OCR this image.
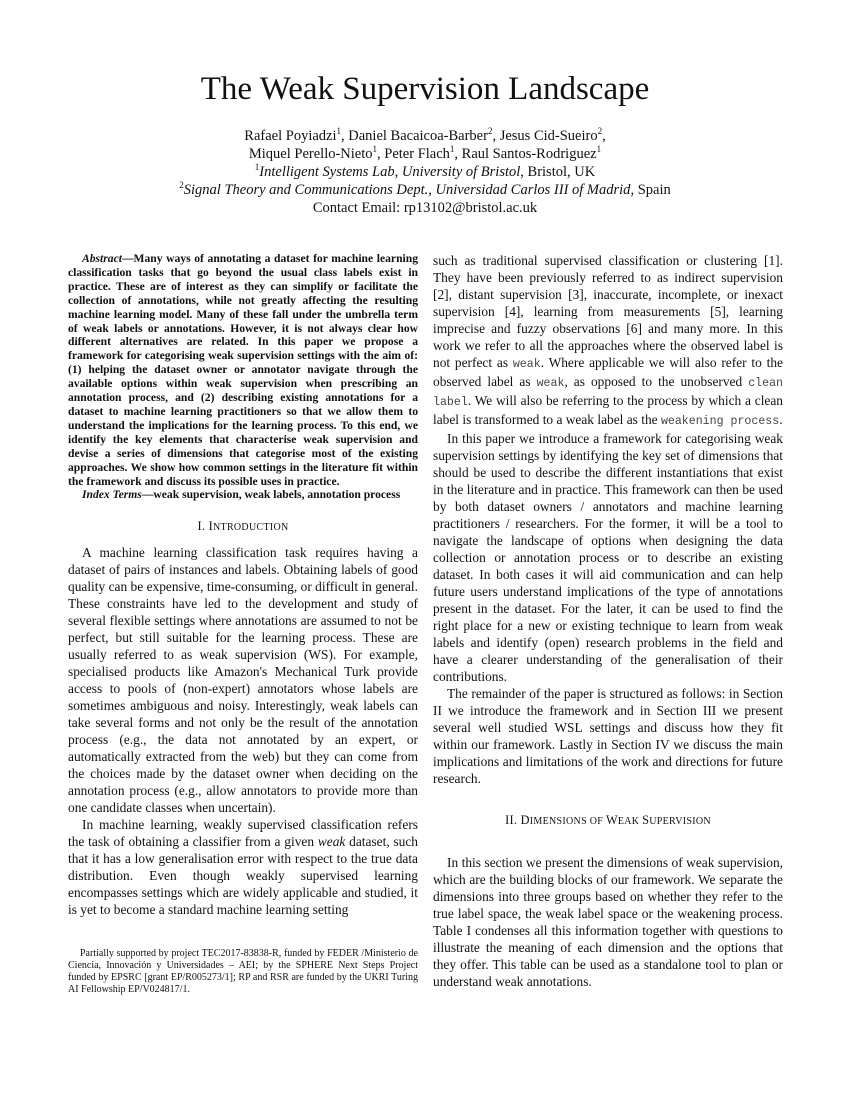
The Weak Supervision Landscape
Rafael Poyiadzi$^1$, Daniel Bacaicoa-Barber$^2$, Jesus Cid-Sueiro$^2$,
Miquel Perello-Nieto$^1$, Peter Flach$^1$, Raul Santos-Rodriguez$^1$
$^1$Intelligent Systems Lab, University of Bristol, Bristol, UK
$^2$Signal Theory and Communications Dept., Universidad Carlos III of Madrid, Spain
Contact Email: rp13102@bristol.ac.uk

Abstract—Many ways of annotating a dataset for machine learning classification tasks that go beyond the usual class labels exist in practice. These are of interest as they can simplify or facilitate the collection of annotations, while not greatly affecting the resulting machine learning model. Many of these fall under the umbrella term of weak labels or annotations. However, it is not always clear how different alternatives are related. In this paper we propose a framework for categorising weak supervision settings with the aim of: (1) helping the dataset owner or annotator navigate through the available options within weak supervision when prescribing an annotation process, and (2) describing existing annotations for a dataset to machine learning practitioners so that we allow them to understand the implications for the learning process. To this end, we identify the key elements that characterise weak supervision and devise a series of dimensions that categorise most of the existing approaches. We show how common settings in the literature fit within the framework and discuss its possible uses in practice.

Index Terms—weak supervision, weak labels, annotation process

I. INTRODUCTION

A machine learning classification task requires having a dataset of pairs of instances and labels. Obtaining labels of good quality can be expensive, time-consuming, or difficult in general. These constraints have led to the development and study of several flexible settings where annotations are assumed to not be perfect, but still suitable for the learning process. These are usually referred to as weak supervision (WS). For example, specialised products like Amazon's Mechanical Turk provide access to pools of (non-expert) annotators whose labels are sometimes ambiguous and noisy. Interestingly, weak labels can take several forms and not only be the result of the annotation process (e.g., the data not annotated by an expert, or automatically extracted from the web) but they can come from the choices made by the dataset owner when deciding on the annotation process (e.g., allow annotators to provide more than one candidate classes when uncertain).

In machine learning, weakly supervised classification refers the task of obtaining a classifier from a given weak dataset, such that it has a low generalisation error with respect to the true data distribution. Even though weakly supervised learning encompasses settings which are widely applicable and studied, it is yet to become a standard machine learning setting

Partially supported by project TEC2017-83838-R, funded by FEDER /Ministerio de Ciencia, Innovación y Universidades – AEI; by the SPHERE Next Steps Project funded by EPSRC [grant EP/R005273/1]; RP and RSR are funded by the UKRI Turing AI Fellowship EP/V024817/1.

such as traditional supervised classification or clustering [1]. They have been previously referred to as indirect supervision [2], distant supervision [3], inaccurate, incomplete, or inexact supervision [4], learning from measurements [5], learning imprecise and fuzzy observations [6] and many more. In this work we refer to all the approaches where the observed label is not perfect as weak. Where applicable we will also refer to the observed label as weak, as opposed to the unobserved clean label. We will also be referring to the process by which a clean label is transformed to a weak label as the weakening process.

In this paper we introduce a framework for categorising weak supervision settings by identifying the key set of dimensions that should be used to describe the different instantiations that exist in the literature and in practice. This framework can then be used by both dataset owners / annotators and machine learning practitioners / researchers. For the former, it will be a tool to navigate the landscape of options when designing the data collection or annotation process or to describe an existing dataset. In both cases it will aid communication and can help future users understand implications of the type of annotations present in the dataset. For the later, it can be used to find the right place for a new or existing technique to learn from weak labels and identify (open) research problems in the field and have a clearer understanding of the generalisation of their contributions.

The remainder of the paper is structured as follows: in Section II we introduce the framework and in Section III we present several well studied WSL settings and discuss how they fit within our framework. Lastly in Section IV we discuss the main implications and limitations of the work and directions for future research.

II. DIMENSIONS OF WEAK SUPERVISION

In this section we present the dimensions of weak supervision, which are the building blocks of our framework. We separate the dimensions into three groups based on whether they refer to the true label space, the weak label space or the weakening process. Table I condenses all this information together with questions to illustrate the meaning of each dimension and the options that they offer. This table can be used as a standalone tool to plan or understand weak annotations.
